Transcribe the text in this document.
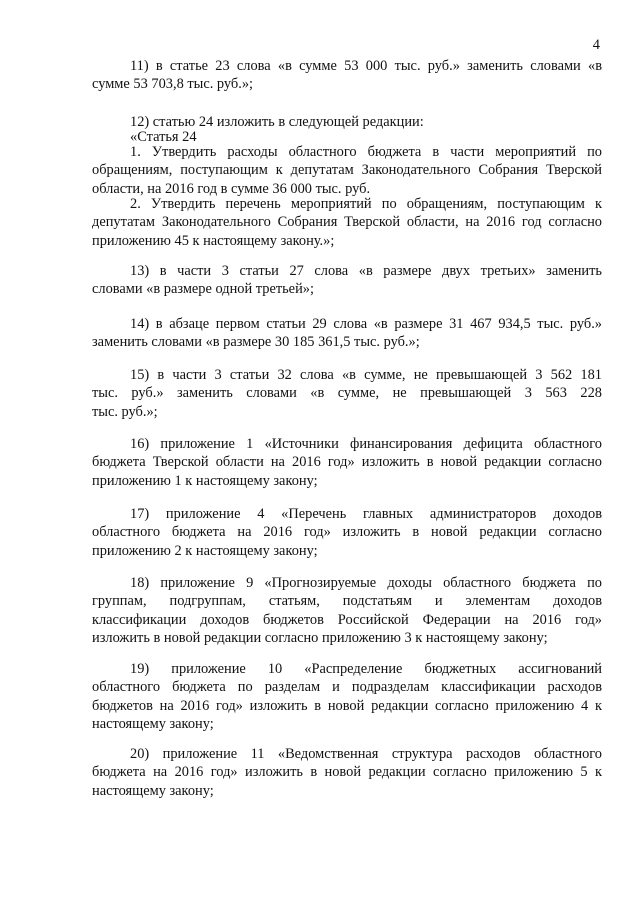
4
11) в статье 23 слова «в сумме 53 000 тыс. руб.» заменить словами «в
сумме 53 703,8 тыс. руб.»;
12) статью 24 изложить в следующей редакции:
«Статья 24
1. Утвердить расходы областного бюджета в части мероприятий по
обращениям, поступающим к депутатам Законодательного Собрания Тверской
области, на 2016 год в сумме 36 000 тыс. руб.
2. Утвердить перечень мероприятий по обращениям, поступающим к
депутатам Законодательного Собрания Тверской области, на 2016 год согласно
приложению 45 к настоящему закону.»;
13) в части 3 статьи 27 слова «в размере двух третьих» заменить
словами «в размере одной третьей»;
14) в абзаце первом статьи 29 слова «в размере 31 467 934,5 тыс. руб.»
заменить словами «в размере 30 185 361,5 тыс. руб.»;
15) в части 3 статьи 32 слова «в сумме, не превышающей 3 562 181
тыс. руб.» заменить словами «в сумме, не превышающей 3 563 228
тыс. руб.»;
16) приложение 1 «Источники финансирования дефицита областного
бюджета Тверской области на 2016 год» изложить в новой редакции согласно
приложению 1 к настоящему закону;
17) приложение 4 «Перечень главных администраторов доходов
областного бюджета на 2016 год» изложить в новой редакции согласно
приложению 2 к настоящему закону;
18) приложение 9 «Прогнозируемые доходы областного бюджета по
группам, подгруппам, статьям, подстатьям и элементам доходов
классификации доходов бюджетов Российской Федерации на 2016 год»
изложить в новой редакции согласно приложению 3 к настоящему закону;
19) приложение 10 «Распределение бюджетных ассигнований
областного бюджета по разделам и подразделам классификации расходов
бюджетов на 2016 год» изложить в новой редакции согласно приложению 4 к
настоящему закону;
20) приложение 11 «Ведомственная структура расходов областного
бюджета на 2016 год» изложить в новой редакции согласно приложению 5 к
настоящему закону;
